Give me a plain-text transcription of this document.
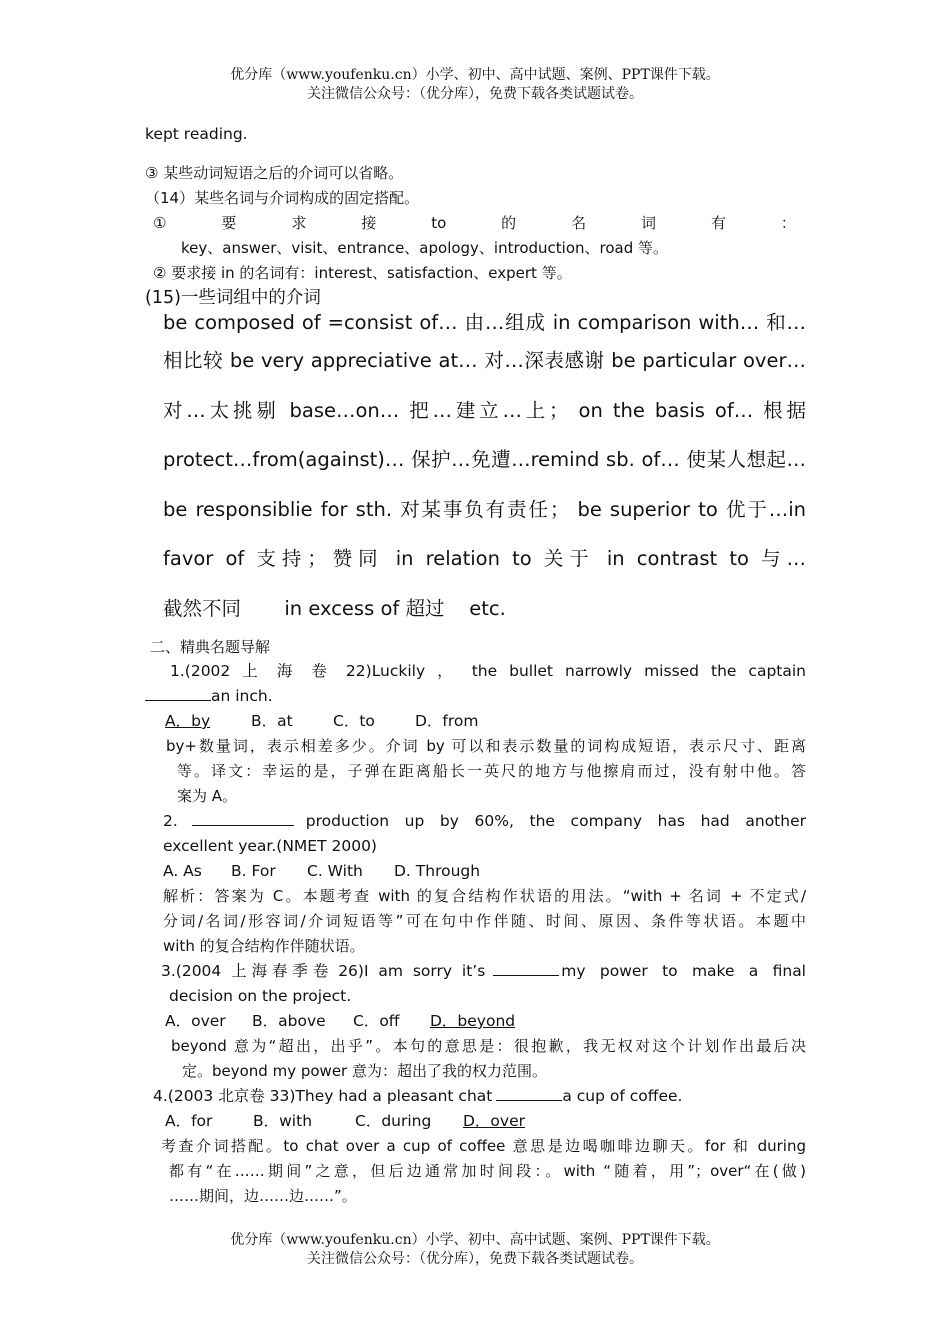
优分库（www.youfenku.cn）小学、初中、高中试题、案例、PPT课件下载。
关注微信公众号：（优分库），免费下载各类试题试卷。
kept reading.
③ 某些动词短语之后的介词可以省略。
（14）某些名词与介词构成的固定搭配。
①	要	求	接	to	的	名	词	有	：
key、answer、visit、entrance、apology、introduction、road 等。
② 要求接 in 的名词有：interest、satisfaction、expert 等。
(15)一些词组中的介词
be composed of =consist of… 由…组成 in comparison with… 和…
相比较 be very appreciative at… 对…深表感谢 be particular over…
对…太挑剔 base…on… 把…建立…上； on the basis of… 根据
protect…from(against)… 保护…免遭…remind sb. of… 使某人想起…
be responsiblie for sth. 对某事负有责任； be superior to 优于…in
favor of 支持；赞同 in relation to 关于 in contrast to 与…
截然不同       in excess of 超过    etc.
二、精典名题导解
1.(2002 上 海 卷 22)Luckily ， the bullet narrowly missed the captain
an inch.
A．by	B．at	C．to	D．from
by+数量词，表示相差多少。介词 by 可以和表示数量的词构成短语，表示尺寸、距离
等。译文：幸运的是，子弹在距离船长一英尺的地方与他擦肩而过，没有射中他。答
案为 A。
2.	production up by 60%, the company has had another
excellent year.(NMET 2000)
A. As B. For C. With D. Through
解析：答案为 C。本题考查 with 的复合结构作状语的用法。“with + 名词 + 不定式/
分词/名词/形容词/介词短语等”可在句中作伴随、时间、原因、条件等状语。本题中
with 的复合结构作伴随状语。
3.(2004  上 海 春 季 卷  26)I  am  sorry  it’s	my power to make a final
decision on the project.
A．over B．above C．off D．beyond
beyond 意为“超出，出乎”。本句的意思是：很抱歉，我无权对这个计划作出最后决
定。beyond my power 意为：超出了我的权力范围。
4.(2003 北京卷 33)They had a pleasant chat	a cup of coffee.
A．for	B．with	C．during D．over
考查介词搭配。to chat over a cup of coffee 意思是边喝咖啡边聊天。for 和 during
都有“在……期间”之意，但后边通常加时间段：。with “随着，用”；over“在(做)
……期间，边……边……”。
优分库（www.youfenku.cn）小学、初中、高中试题、案例、PPT课件下载。
关注微信公众号：（优分库），免费下载各类试题试卷。
